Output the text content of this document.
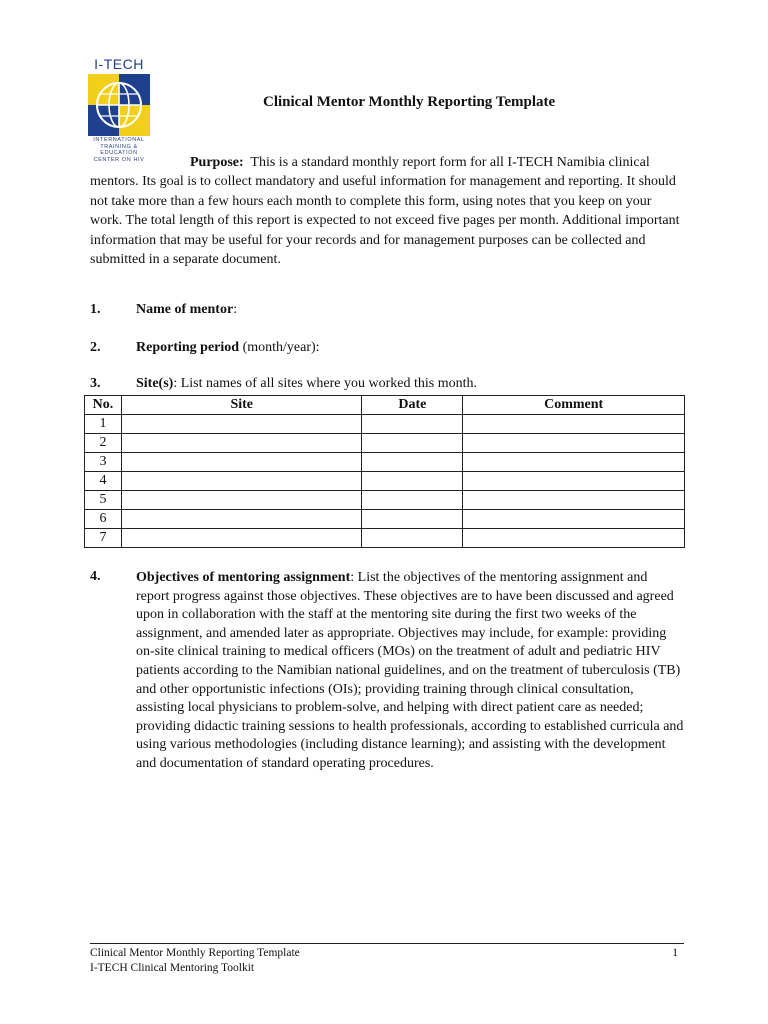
I-TECH
INTERNATIONAL
TRAINING &
EDUCATION
CENTER ON HIV
Clinical Mentor Monthly Reporting Template

Purpose: This is a standard monthly report form for all I-TECH Namibia clinical mentors. Its goal is to collect mandatory and useful information for management and reporting. It should not take more than a few hours each month to complete this form, using notes that you keep on your work. The total length of this report is expected to not exceed five pages per month. Additional important information that may be useful for your records and for management purposes can be collected and submitted in a separate document.

1.	Name of mentor:
2.	Reporting period (month/year):
3.	Site(s): List names of all sites where you worked this month.
No.	Site	Date	Comment
1			
2			
3			
4			
5			
6			
7			
4.	Objectives of mentoring assignment: List the objectives of the mentoring assignment and report progress against those objectives. These objectives are to have been discussed and agreed upon in collaboration with the staff at the mentoring site during the first two weeks of the assignment, and amended later as appropriate. Objectives may include, for example: providing on-site clinical training to medical officers (MOs) on the treatment of adult and pediatric HIV patients according to the Namibian national guidelines, and on the treatment of tuberculosis (TB) and other opportunistic infections (OIs); providing training through clinical consultation, assisting local physicians to problem-solve, and helping with direct patient care as needed; providing didactic training sessions to health professionals, according to established curricula and using various methodologies (including distance learning); and assisting with the development and documentation of standard operating procedures.

Clinical Mentor Monthly Reporting Template
I-TECH Clinical Mentoring Toolkit
1
